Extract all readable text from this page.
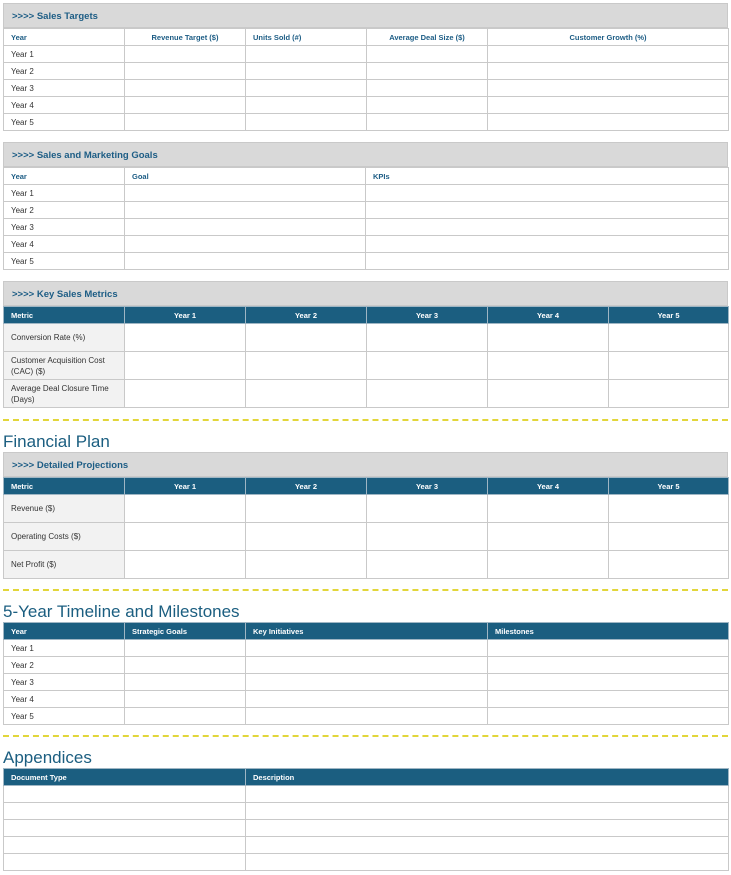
>>>> Sales Targets
Year	Revenue Target ($)	Units Sold (#)	Average Deal Size ($)	Customer Growth (%)
Year 1				
Year 2				
Year 3				
Year 4				
Year 5				
>>>> Sales and Marketing Goals
Year	Goal	KPIs
Year 1		
Year 2		
Year 3		
Year 4		
Year 5		
>>>> Key Sales Metrics
Metric	Year 1	Year 2	Year 3	Year 4	Year 5
Conversion Rate (%)					
Customer Acquisition Cost (CAC) ($)					
Average Deal Closure Time (Days)					
Financial Plan
>>>> Detailed Projections
Metric	Year 1	Year 2	Year 3	Year 4	Year 5
Revenue ($)					
Operating Costs ($)					
Net Profit ($)					
5-Year Timeline and Milestones
Year	Strategic Goals	Key Initiatives	Milestones
Year 1			
Year 2			
Year 3			
Year 4			
Year 5			
Appendices
Document Type	Description
